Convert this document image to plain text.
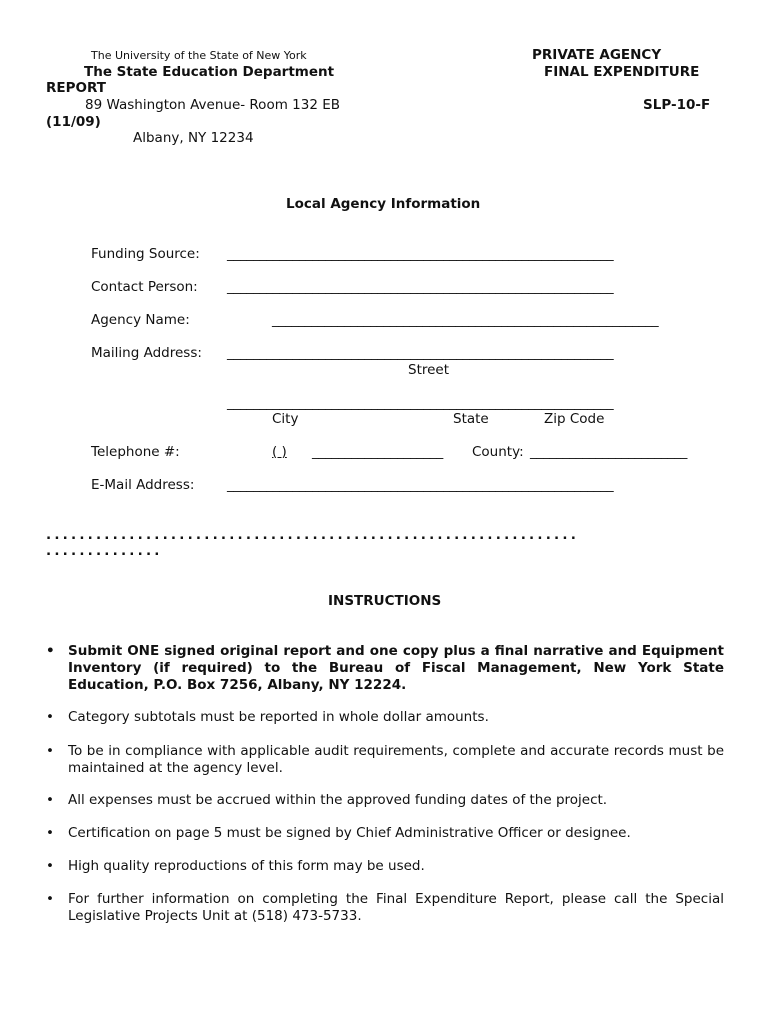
The University of the State of New York
The State Education Department
REPORT
89 Washington Avenue- Room 132 EB
(11/09)
Albany, NY 12234
PRIVATE AGENCY
FINAL EXPENDITURE
SLP-10-F
Local Agency Information
Funding Source: ___________________________________________________________
Contact Person: ___________________________________________________________
Agency Name:	___________________________________________________________
Mailing Address: ___________________________________________________________
Street
___________________________________________________________
City	State	Zip Code
Telephone #:	( ) ____________________ County: ________________________
E-Mail Address: ___________________________________________________________
................................................................
..............
INSTRUCTIONS
• Submit ONE signed original report and one copy plus a final narrative and Equipment Inventory (if required) to the Bureau of Fiscal Management, New York State Education, P.O. Box 7256, Albany, NY 12224.
• Category subtotals must be reported in whole dollar amounts.
• To be in compliance with applicable audit requirements, complete and accurate records must be maintained at the agency level.
• All expenses must be accrued within the approved funding dates of the project.
• Certification on page 5 must be signed by Chief Administrative Officer or designee.
• High quality reproductions of this form may be used.
• For further information on completing the Final Expenditure Report, please call the Special Legislative Projects Unit at (518) 473-5733.
